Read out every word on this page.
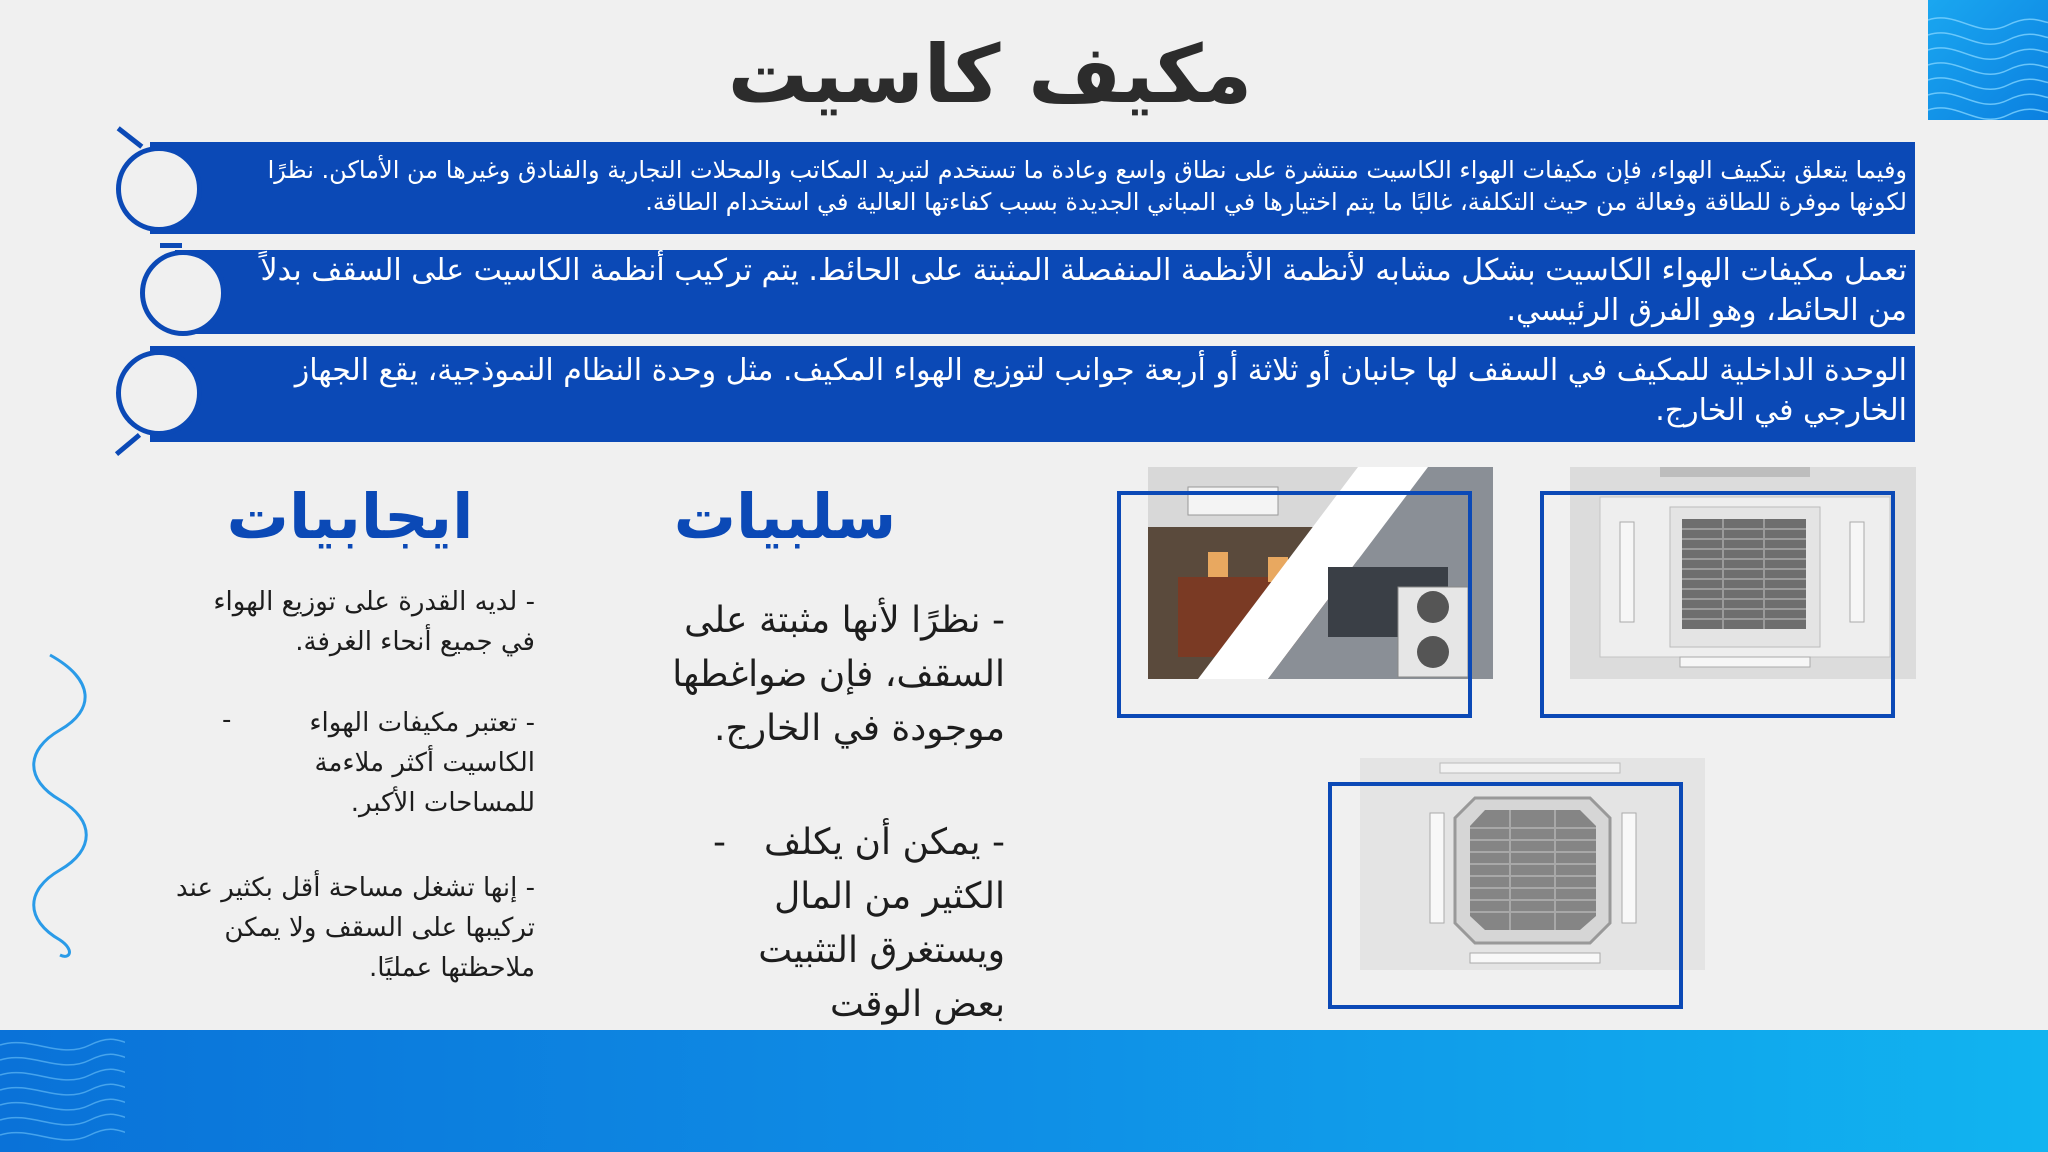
مكيف كاسيت
وفيما يتعلق بتكييف الهواء، فإن مكيفات الهواء الكاسيت منتشرة على نطاق واسع وعادة ما تستخدم لتبريد المكاتب والمحلات التجارية والفنادق وغيرها من الأماكن. نظرًا لكونها موفرة للطاقة وفعالة من حيث التكلفة، غالبًا ما يتم اختيارها في المباني الجديدة بسبب كفاءتها العالية في استخدام الطاقة.
تعمل مكيفات الهواء الكاسيت بشكل مشابه لأنظمة الأنظمة المنفصلة المثبتة على الحائط. يتم تركيب أنظمة الكاسيت على السقف بدلاً من الحائط، وهو الفرق الرئيسي.
الوحدة الداخلية للمكيف في السقف لها جانبان أو ثلاثة أو أربعة جوانب لتوزيع الهواء المكيف. مثل وحدة النظام النموذجية، يقع الجهاز الخارجي في الخارج.
ايجابيات
- لديه القدرة على توزيع الهواء في جميع أنحاء الغرفة.
-	- تعتبر مكيفات الهواء الكاسيت أكثر ملاءمة للمساحات الأكبر.
- إنها تشغل مساحة أقل بكثير عند تركيبها على السقف ولا يمكن ملاحظتها عمليًا.
سلبيات
- نظرًا لأنها مثبتة على السقف، فإن ضواغطها موجودة في الخارج.
-	- يمكن أن يكلف الكثير من المال ويستغرق التثبيت بعض الوقت
